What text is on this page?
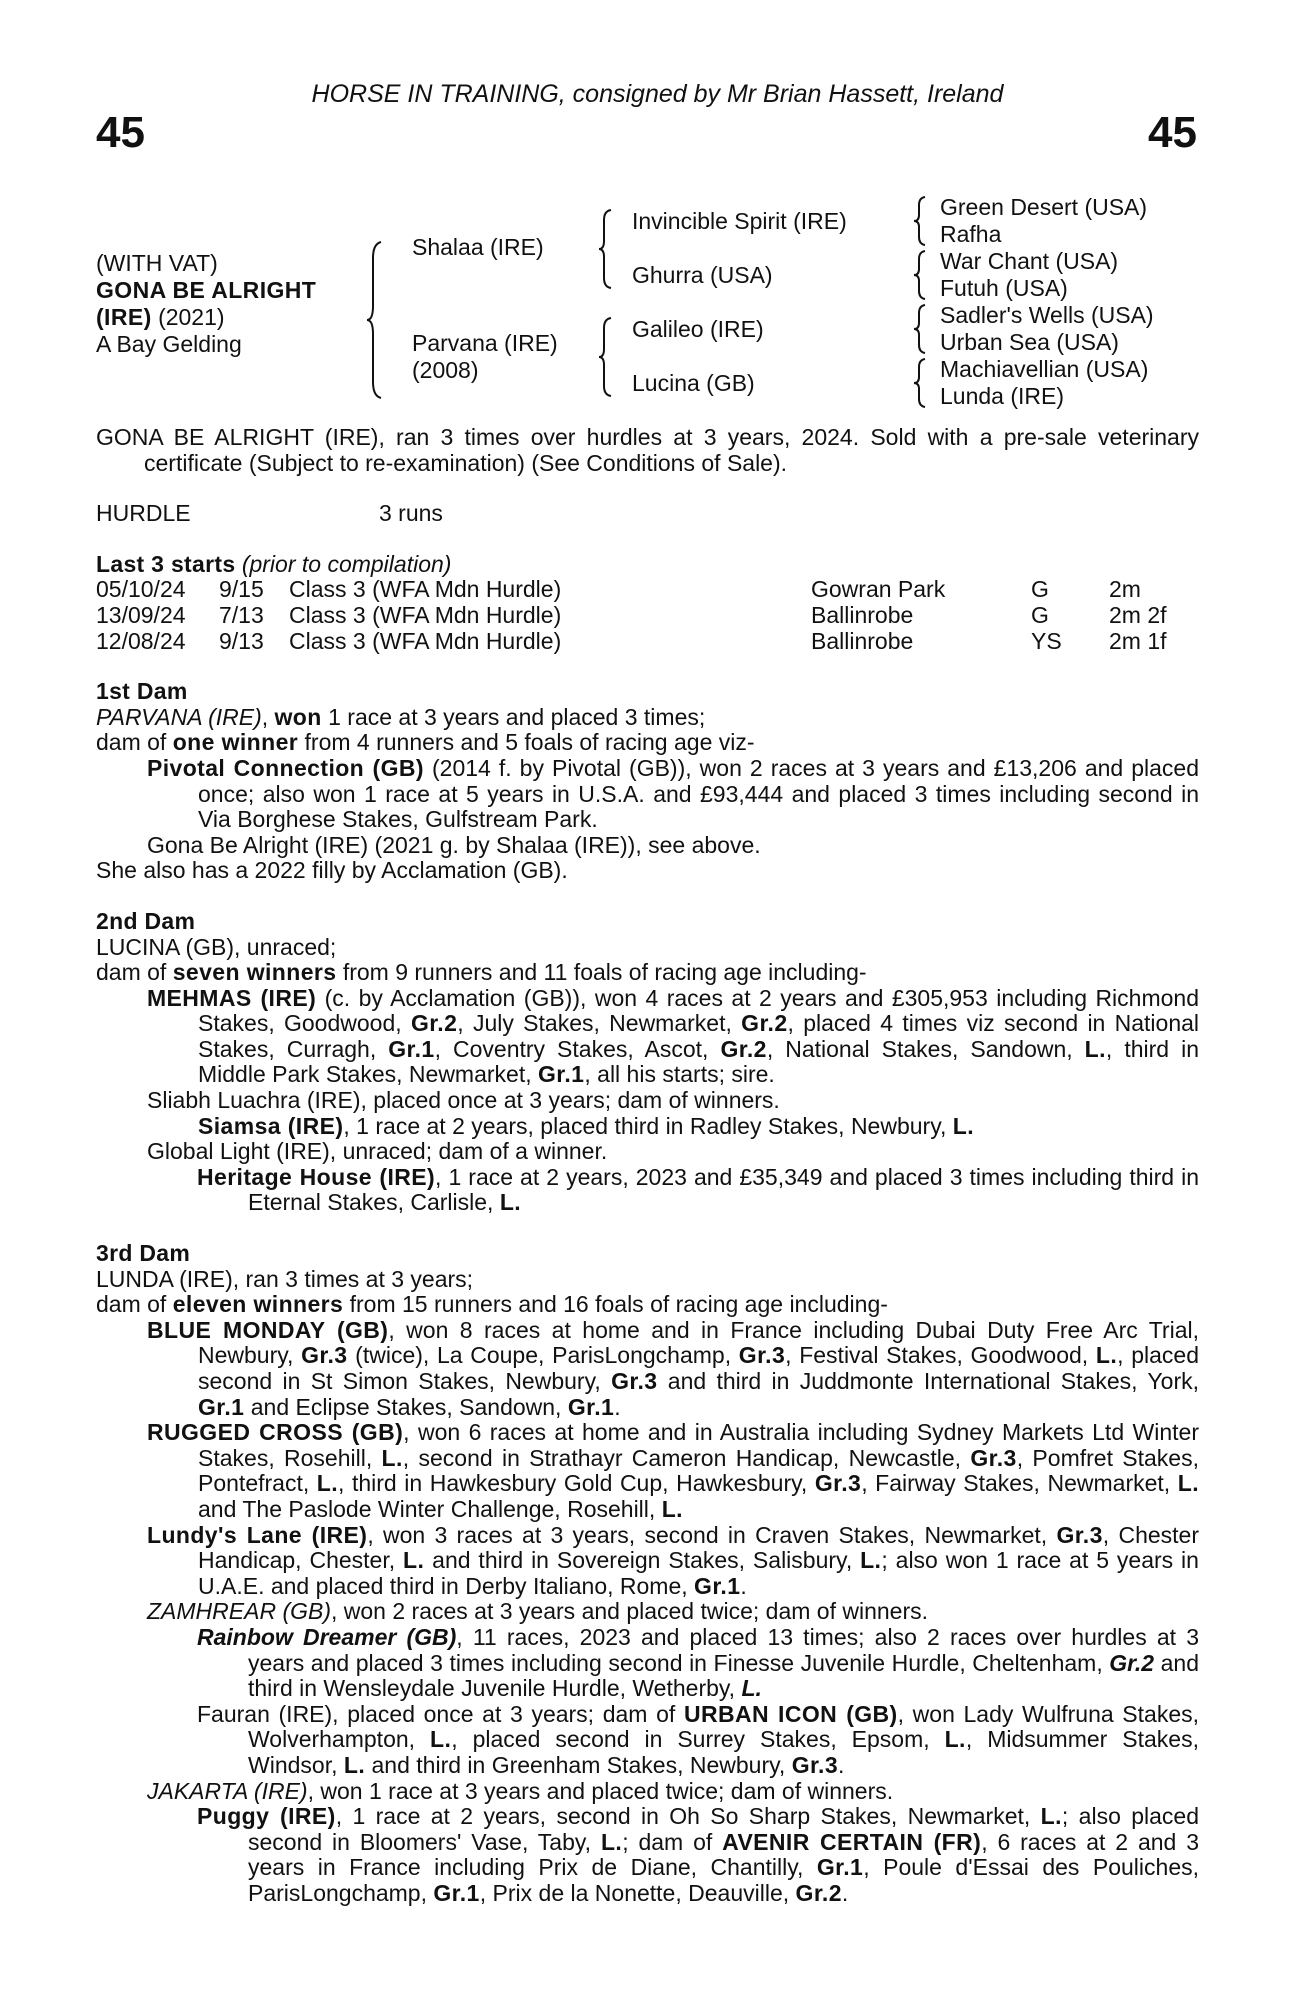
HORSE IN TRAINING, consigned by Mr Brian Hassett, Ireland
45	45
(WITH VAT)
GONA BE ALRIGHT
(IRE) (2021)
A Bay Gelding
Shalaa (IRE)
Parvana (IRE)
(2008)
Invincible Spirit (IRE)
Ghurra (USA)
Galileo (IRE)
Lucina (GB)
Green Desert (USA)
Rafha
War Chant (USA)
Futuh (USA)
Sadler's Wells (USA)
Urban Sea (USA)
Machiavellian (USA)
Lunda (IRE)
GONA BE ALRIGHT (IRE), ran 3 times over hurdles at 3 years, 2024. Sold with a pre-sale veterinary certificate (Subject to re-examination) (See Conditions of Sale).
HURDLE	3 runs
Last 3 starts (prior to compilation)
05/10/24	9/15	Class 3 (WFA Mdn Hurdle)	Gowran Park	G	2m
13/09/24	7/13	Class 3 (WFA Mdn Hurdle)	Ballinrobe	G	2m 2f
12/08/24	9/13	Class 3 (WFA Mdn Hurdle)	Ballinrobe	YS	2m 1f
1st Dam
PARVANA (IRE), won 1 race at 3 years and placed 3 times;
dam of one winner from 4 runners and 5 foals of racing age viz-
Pivotal Connection (GB) (2014 f. by Pivotal (GB)), won 2 races at 3 years and £13,206 and placed once; also won 1 race at 5 years in U.S.A. and £93,444 and placed 3 times including second in Via Borghese Stakes, Gulfstream Park.
Gona Be Alright (IRE) (2021 g. by Shalaa (IRE)), see above.
She also has a 2022 filly by Acclamation (GB).
2nd Dam
LUCINA (GB), unraced;
dam of seven winners from 9 runners and 11 foals of racing age including-
MEHMAS (IRE) (c. by Acclamation (GB)), won 4 races at 2 years and £305,953 including Richmond Stakes, Goodwood, Gr.2, July Stakes, Newmarket, Gr.2, placed 4 times viz second in National Stakes, Curragh, Gr.1, Coventry Stakes, Ascot, Gr.2, National Stakes, Sandown, L., third in Middle Park Stakes, Newmarket, Gr.1, all his starts; sire.
Sliabh Luachra (IRE), placed once at 3 years; dam of winners.
Siamsa (IRE), 1 race at 2 years, placed third in Radley Stakes, Newbury, L.
Global Light (IRE), unraced; dam of a winner.
Heritage House (IRE), 1 race at 2 years, 2023 and £35,349 and placed 3 times including third in Eternal Stakes, Carlisle, L.
3rd Dam
LUNDA (IRE), ran 3 times at 3 years;
dam of eleven winners from 15 runners and 16 foals of racing age including-
BLUE MONDAY (GB), won 8 races at home and in France including Dubai Duty Free Arc Trial, Newbury, Gr.3 (twice), La Coupe, ParisLongchamp, Gr.3, Festival Stakes, Goodwood, L., placed second in St Simon Stakes, Newbury, Gr.3 and third in Juddmonte International Stakes, York, Gr.1 and Eclipse Stakes, Sandown, Gr.1.
RUGGED CROSS (GB), won 6 races at home and in Australia including Sydney Markets Ltd Winter Stakes, Rosehill, L., second in Strathayr Cameron Handicap, Newcastle, Gr.3, Pomfret Stakes, Pontefract, L., third in Hawkesbury Gold Cup, Hawkesbury, Gr.3, Fairway Stakes, Newmarket, L. and The Paslode Winter Challenge, Rosehill, L.
Lundy's Lane (IRE), won 3 races at 3 years, second in Craven Stakes, Newmarket, Gr.3, Chester Handicap, Chester, L. and third in Sovereign Stakes, Salisbury, L.; also won 1 race at 5 years in U.A.E. and placed third in Derby Italiano, Rome, Gr.1.
ZAMHREAR (GB), won 2 races at 3 years and placed twice; dam of winners.
Rainbow Dreamer (GB), 11 races, 2023 and placed 13 times; also 2 races over hurdles at 3 years and placed 3 times including second in Finesse Juvenile Hurdle, Cheltenham, Gr.2 and third in Wensleydale Juvenile Hurdle, Wetherby, L.
Fauran (IRE), placed once at 3 years; dam of URBAN ICON (GB), won Lady Wulfruna Stakes, Wolverhampton, L., placed second in Surrey Stakes, Epsom, L., Midsummer Stakes, Windsor, L. and third in Greenham Stakes, Newbury, Gr.3.
JAKARTA (IRE), won 1 race at 3 years and placed twice; dam of winners.
Puggy (IRE), 1 race at 2 years, second in Oh So Sharp Stakes, Newmarket, L.; also placed second in Bloomers' Vase, Taby, L.; dam of AVENIR CERTAIN (FR), 6 races at 2 and 3 years in France including Prix de Diane, Chantilly, Gr.1, Poule d'Essai des Pouliches, ParisLongchamp, Gr.1, Prix de la Nonette, Deauville, Gr.2.
